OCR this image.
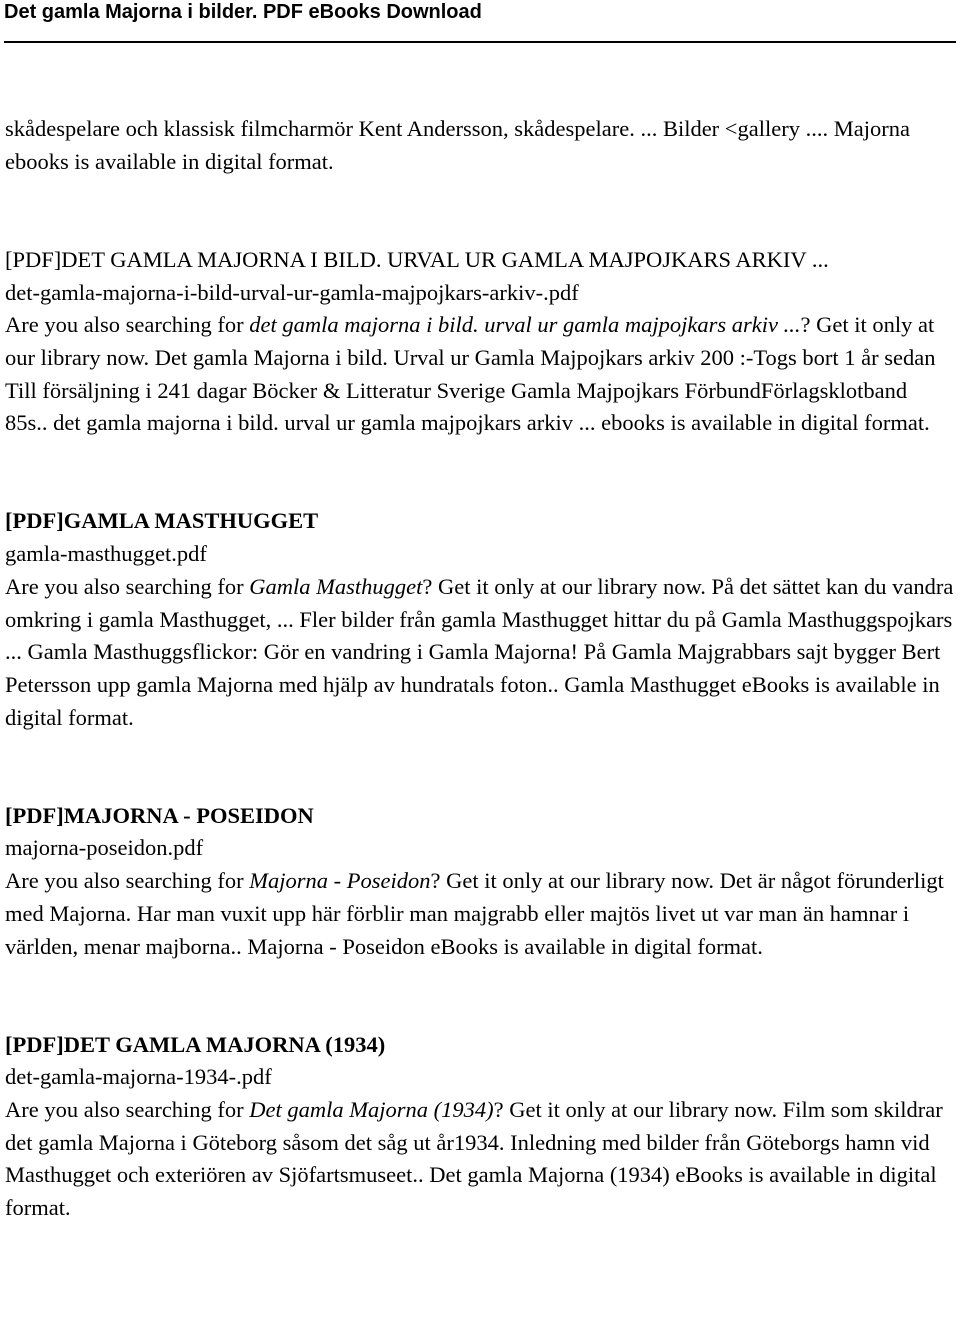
Det gamla Majorna i bilder. PDF eBooks Download

skådespelare och klassisk filmcharmör Kent Andersson, skådespelare. ... Bilder <gallery .... Majorna ebooks is available in digital format.

[PDF]DET GAMLA MAJORNA I BILD. URVAL UR GAMLA MAJPOJKARS ARKIV ...

det-gamla-majorna-i-bild-urval-ur-gamla-majpojkars-arkiv-.pdf

Are you also searching for det gamla majorna i bild. urval ur gamla majpojkars arkiv ...? Get it only at our library now. Det gamla Majorna i bild. Urval ur Gamla Majpojkars arkiv 200 :-Togs bort 1 år sedan Till försäljning i 241 dagar Böcker & Litteratur Sverige Gamla Majpojkars FörbundFörlagsklotband 85s.. det gamla majorna i bild. urval ur gamla majpojkars arkiv ... ebooks is available in digital format.

[PDF]GAMLA MASTHUGGET

gamla-masthugget.pdf

Are you also searching for Gamla Masthugget? Get it only at our library now. På det sättet kan du vandra omkring i gamla Masthugget, ... Fler bilder från gamla Masthugget hittar du på Gamla Masthuggspojkars ... Gamla Masthuggsflickor: Gör en vandring i Gamla Majorna! På Gamla Majgrabbars sajt bygger Bert Petersson upp gamla Majorna med hjälp av hundratals foton.. Gamla Masthugget eBooks is available in digital format.

[PDF]MAJORNA - POSEIDON

majorna-poseidon.pdf

Are you also searching for Majorna - Poseidon? Get it only at our library now. Det är något förunderligt med Majorna. Har man vuxit upp här förblir man majgrabb eller majtös livet ut var man än hamnar i världen, menar majborna.. Majorna - Poseidon eBooks is available in digital format.

[PDF]DET GAMLA MAJORNA (1934)

det-gamla-majorna-1934-.pdf

Are you also searching for Det gamla Majorna (1934)? Get it only at our library now. Film som skildrar det gamla Majorna i Göteborg såsom det såg ut år1934. Inledning med bilder från Göteborgs hamn vid Masthugget och exteriören av Sjöfartsmuseet.. Det gamla Majorna (1934) eBooks is available in digital format.
